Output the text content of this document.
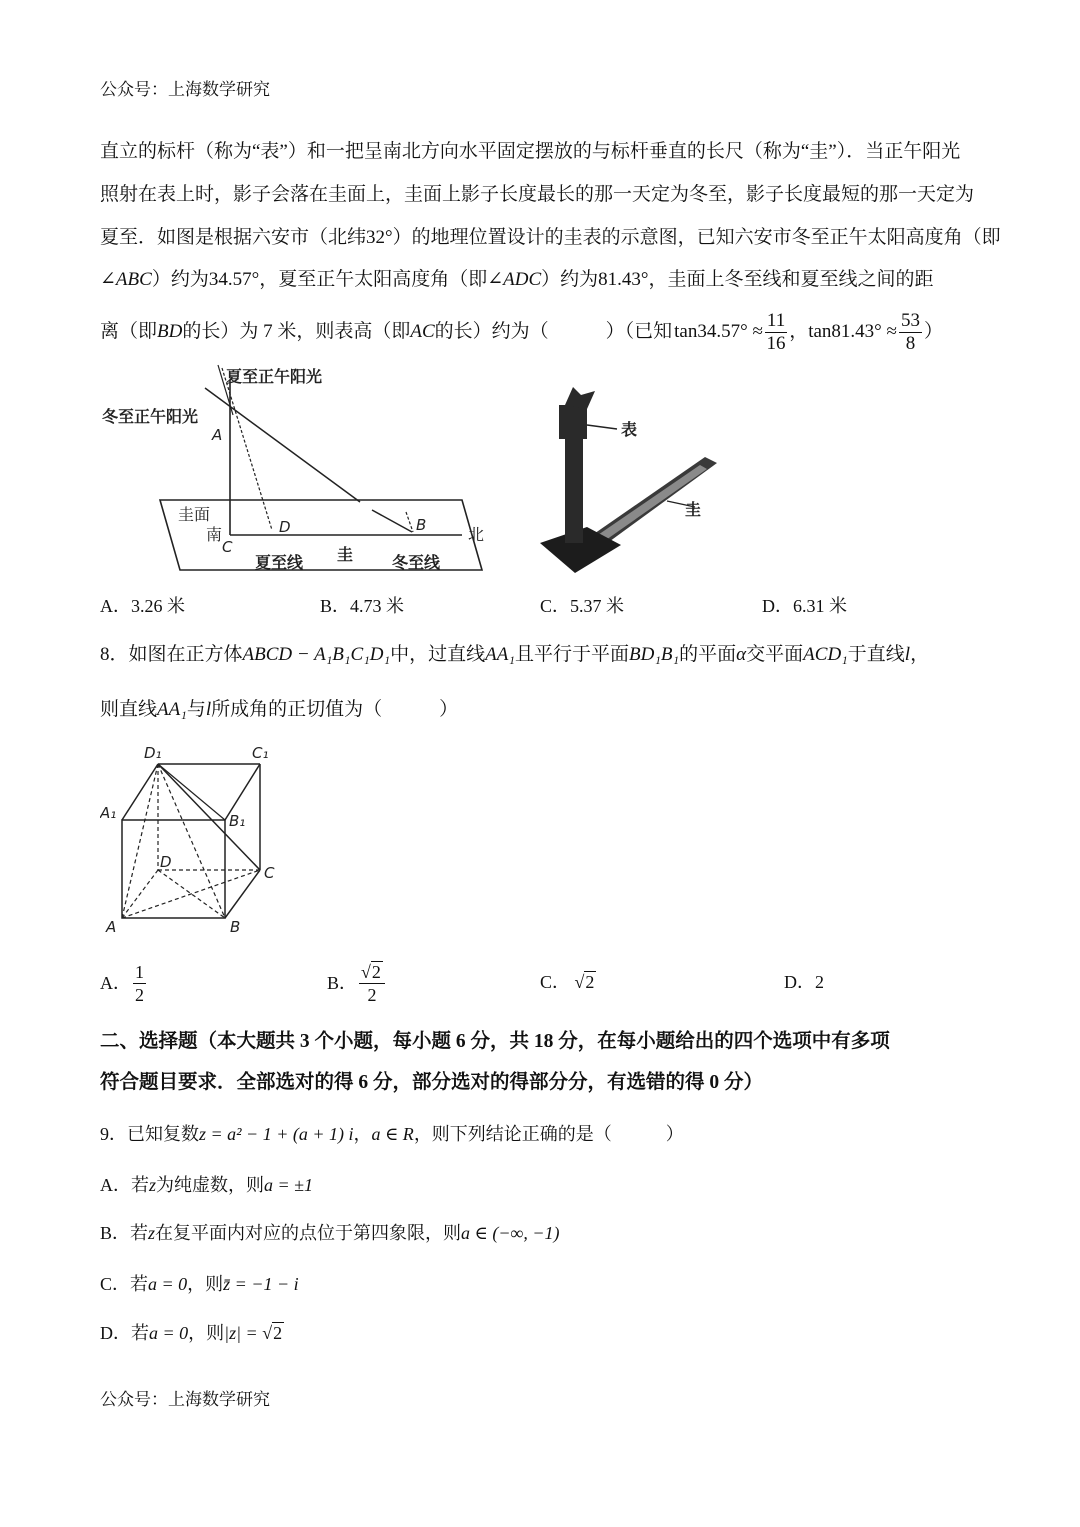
公众号：上海数学研究
直立的标杆（称为“表”）和一把呈南北方向水平固定摆放的与标杆垂直的长尺（称为“圭”）．当正午阳光
照射在表上时，影子会落在圭面上，圭面上影子长度最长的那一天定为冬至，影子长度最短的那一天定为
夏至．如图是根据六安市（北纬32°）的地理位置设计的圭表的示意图，已知六安市冬至正午太阳高度角（即
∠ABC）约为34.57°，夏至正午太阳高度角（即∠ADC）约为81.43°，圭面上冬至线和夏至线之间的距
离（即 BD 的长）为 7 米，则表高（即 AC 的长）约为（　　　）（已知 $\tan 34.57^\circ \approx \frac{11}{16}$ ， $\tan 81.43^\circ \approx \frac{53}{8}$ ）
夏至正午阳光
冬至正午阳光
A
圭面
南
C
D	B	北
夏至线 圭 冬至线
表
圭
A．3.26 米	B．4.73 米	C．5.37 米	D．6.31 米
8．如图在正方体ABCD − A₁B₁C₁D₁中，过直线AA₁且平行于平面BD₁B₁的平面α交平面ACD₁于直线l，
则直线AA₁与l所成角的正切值为（　　　）
D₁	C₁
A₁	B₁
D
C
A	B
A． $\frac{1}{2}$	B． $\frac{√2}{2}$	C． √2	D．2
二、选择题（本大题共 3 个小题，每小题 6 分，共 18 分，在每小题给出的四个选项中有多项
符合题目要求．全部选对的得 6 分，部分选对的得部分分，有选错的得 0 分）
9．已知复数z = a² − 1 + (a + 1) i，a ∈ R，则下列结论正确的是（　　　）
A．若z为纯虚数，则a = ±1
B．若z在复平面内对应的点位于第四象限，则a ∈ (−∞, −1)
C．若a = 0，则z̄ = −1 − i
D．若a = 0，则|z| = √2
公众号：上海数学研究
